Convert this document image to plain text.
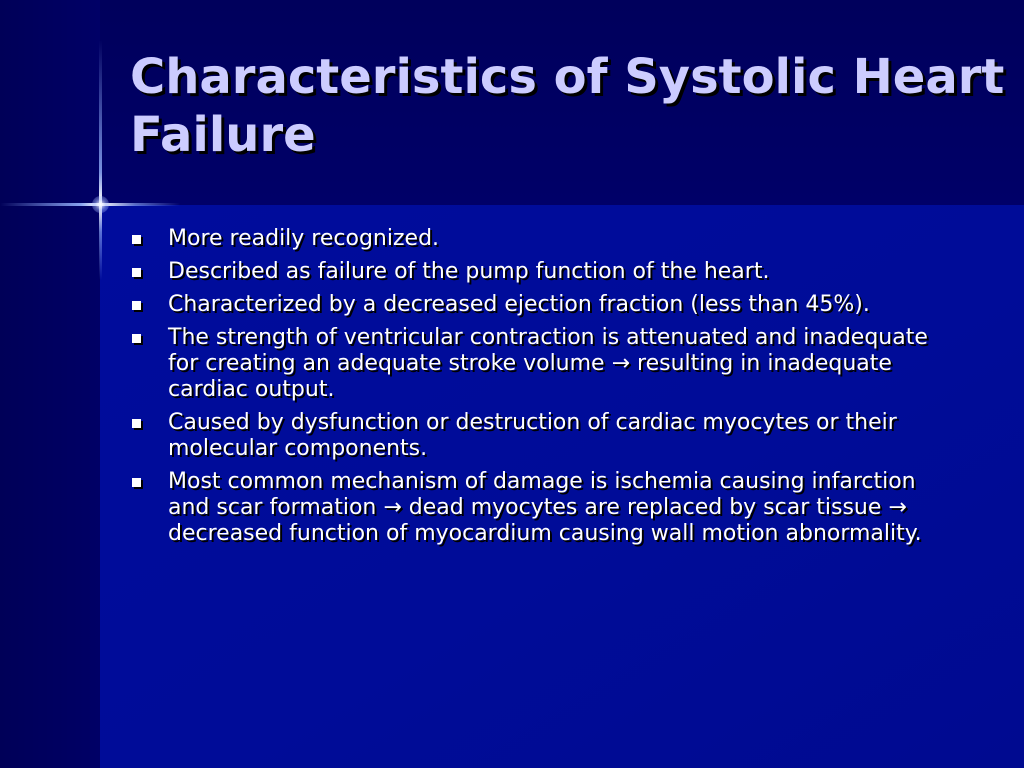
Characteristics of Systolic Heart Failure
More readily recognized.
Described as failure of the pump function of the heart.
Characterized by a decreased ejection fraction (less than 45%).
The strength of ventricular contraction is attenuated and inadequate for creating an adequate stroke volume → resulting in inadequate cardiac output.
Caused by dysfunction or destruction of cardiac myocytes or their molecular components.
Most common mechanism of damage is ischemia causing infarction and scar formation → dead myocytes are replaced by scar tissue → decreased function of myocardium causing wall motion abnormality.
